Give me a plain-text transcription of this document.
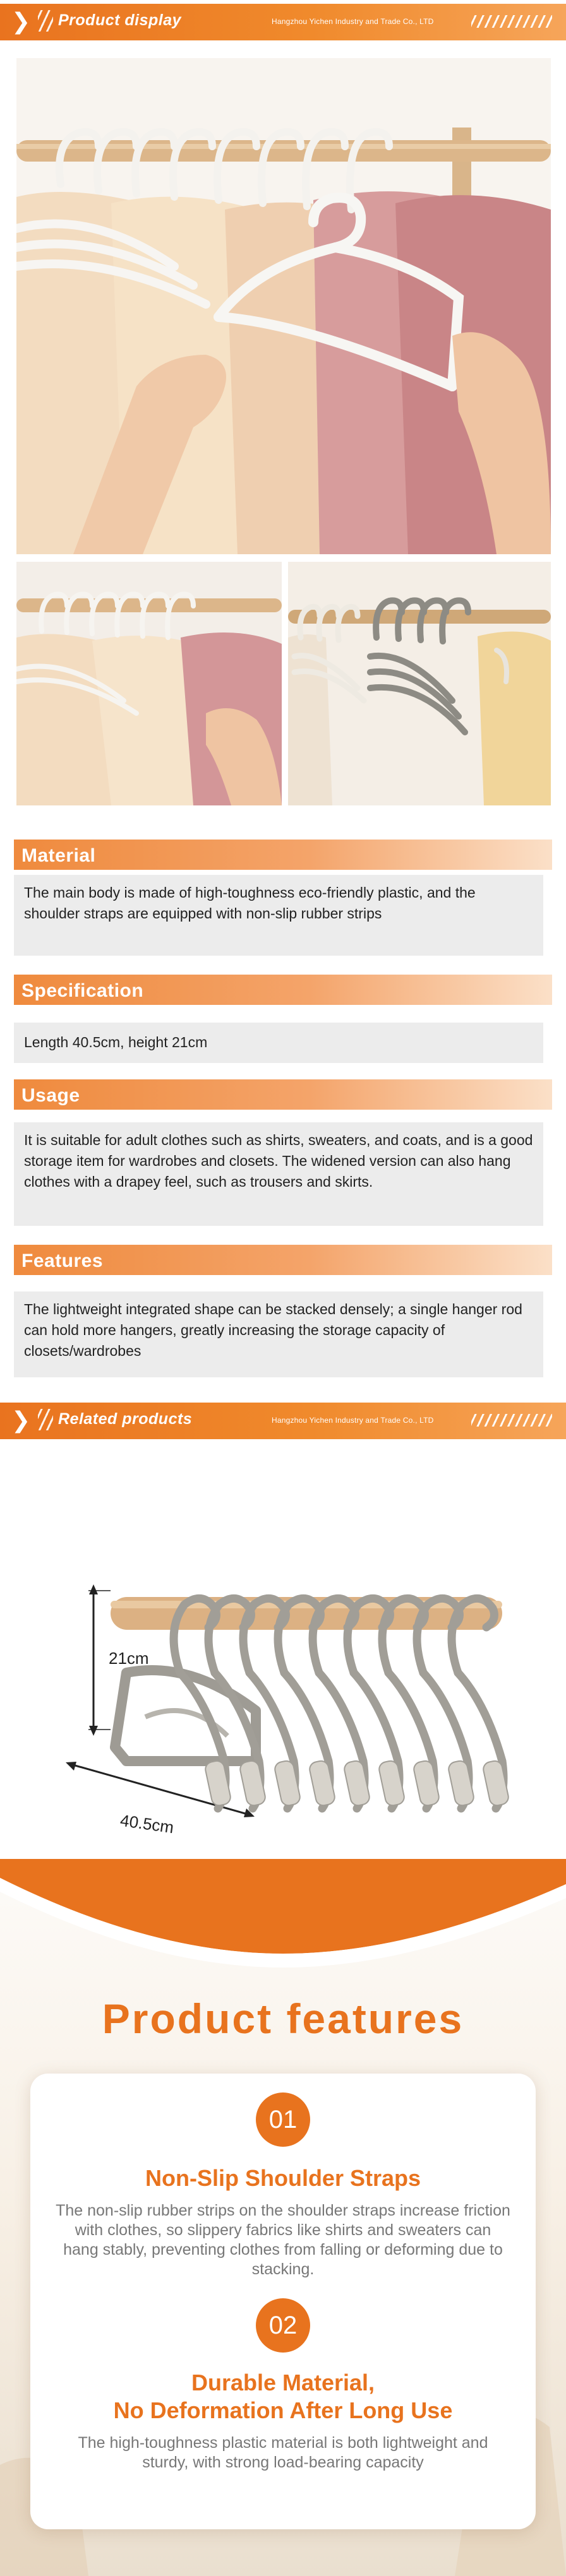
❯ Product display	Hangzhou Yichen Industry and Trade Co., LTD
Material
The main body is made of high-toughness eco-friendly plastic, and the shoulder straps are equipped with non-slip rubber strips
Specification
Length 40.5cm, height 21cm
Usage
It is suitable for adult clothes such as shirts, sweaters, and coats, and is a good storage item for wardrobes and closets. The widened version can also hang clothes with a drapey feel, such as trousers and skirts.
Features
The lightweight integrated shape can be stacked densely; a single hanger rod can hold more hangers, greatly increasing the storage capacity of closets/wardrobes
❯ Related products	Hangzhou Yichen Industry and Trade Co., LTD
21cm
40.5cm
Product features
01
Non-Slip Shoulder Straps
The non-slip rubber strips on the shoulder straps increase friction with clothes, so slippery fabrics like shirts and sweaters can hang stably, preventing clothes from falling or deforming due to stacking.
02
Durable Material,
No Deformation After Long Use
The high-toughness plastic material is both lightweight and sturdy, with strong load-bearing capacity
